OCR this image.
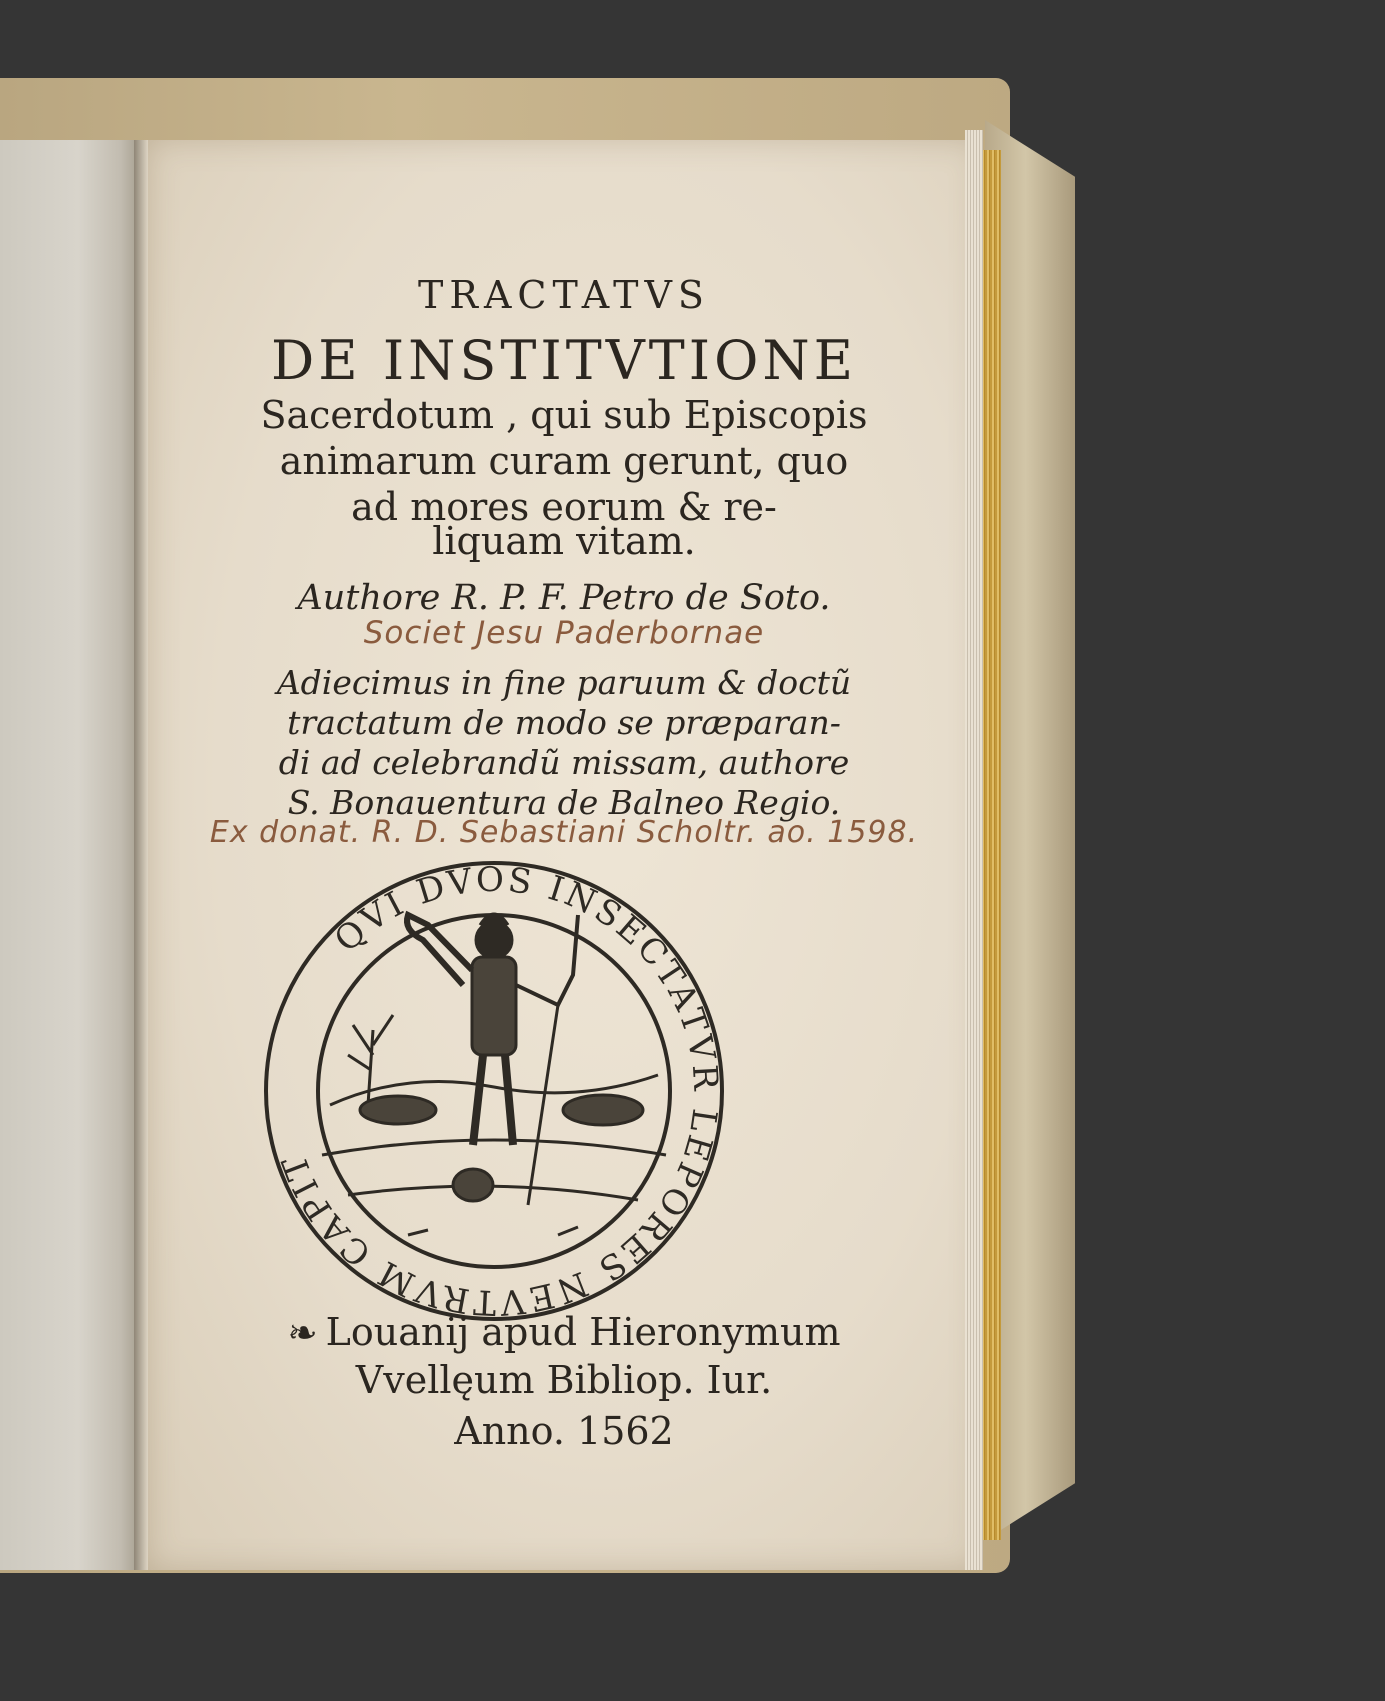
TRACTATVS
DE INSTITVTIONE
Sacerdotum , qui sub Episcopis
animarum curam gerunt, quo
ad mores eorum & re-
liquam vitam.
Authore R. P. F. Petro de Soto.
Societ Jesu Paderbornae
Adiecimus in fine paruum & doctũ
tractatum de modo se præparan-
di ad celebrandũ missam, authore
S. Bonauentura de Balneo Regio.
Ex donat. R. D. Sebastiani Scholtr. ao. 1598.
QVI DVOS INSECTATVR LEPORES NEVTRVM CAPIT
❧ Louanij apud Hieronymum
Vvellęum Bibliop. Iur.
Anno. 1562
